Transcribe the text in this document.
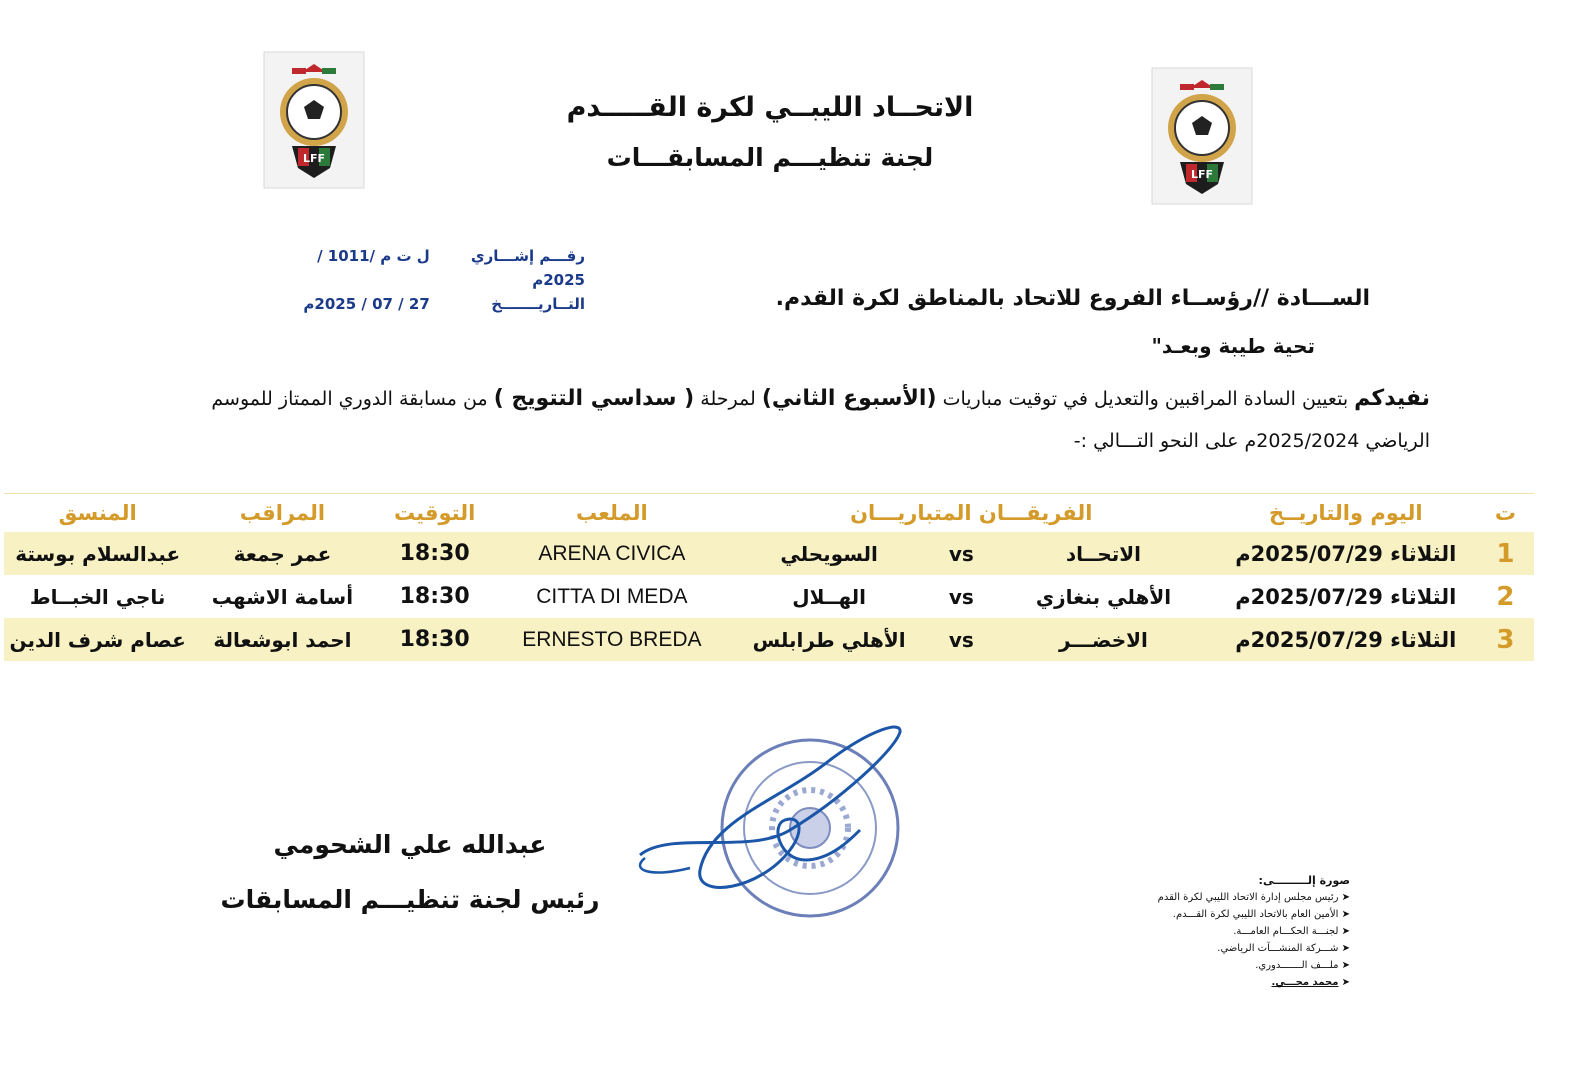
LFF
LFF
الاتحــاد الليبــي لكرة القـــــدم
لجنة تنظيـــم المسابقـــات
رقـــم إشـــاري ل ت م /1011 / 2025م
التــاريـــــــخ 27 / 07 / 2025م	الســـادة //رؤســاء الفروع للاتحاد بالمناطق لكرة القدم.
تحية طيبة وبعـد"
نفيدكم بتعيين السادة المراقبين والتعديل في توقيت مباريات (الأسبوع الثاني) لمرحلة ( سداسي التتويج ) من مسابقة الدوري الممتاز للموسم
الرياضي 2025/2024م على النحو التـــالي :-
ت	اليوم والتاريــخ	الفريقـــان المتباريـــان			الملعب	التوقيت	المراقب	المنسق
1	الثلاثاء 2025/07/29م	الاتحــاد	vs	السويحلي	ARENA CIVICA	18:30	عمر جمعة	عبدالسلام بوستة
2	الثلاثاء 2025/07/29م	الأهلي بنغازي	vs	الهــلال	CITTA DI MEDA	18:30	أسامة الاشهب	ناجي الخبــاط
3	الثلاثاء 2025/07/29م	الاخضـــر	vs	الأهلي طرابلس	ERNESTO BREDA	18:30	احمد ابوشعالة	عصام شرف الدين
عبدالله علي الشحومي
رئيس لجنة تنظيـــم المسابقات
صورة إلـــــــــى:
➤ رئيس مجلس إدارة الاتحاد الليبي لكرة القدم
➤ الأمين العام بالاتحاد الليبي لكرة القـــدم.
➤ لجنـــة الحكـــام العامـــة.
➤ شـــركة المنشـــآت الرياضي.
➤ ملـــف الـــــــدوري.
➤ محمد محـــي.
